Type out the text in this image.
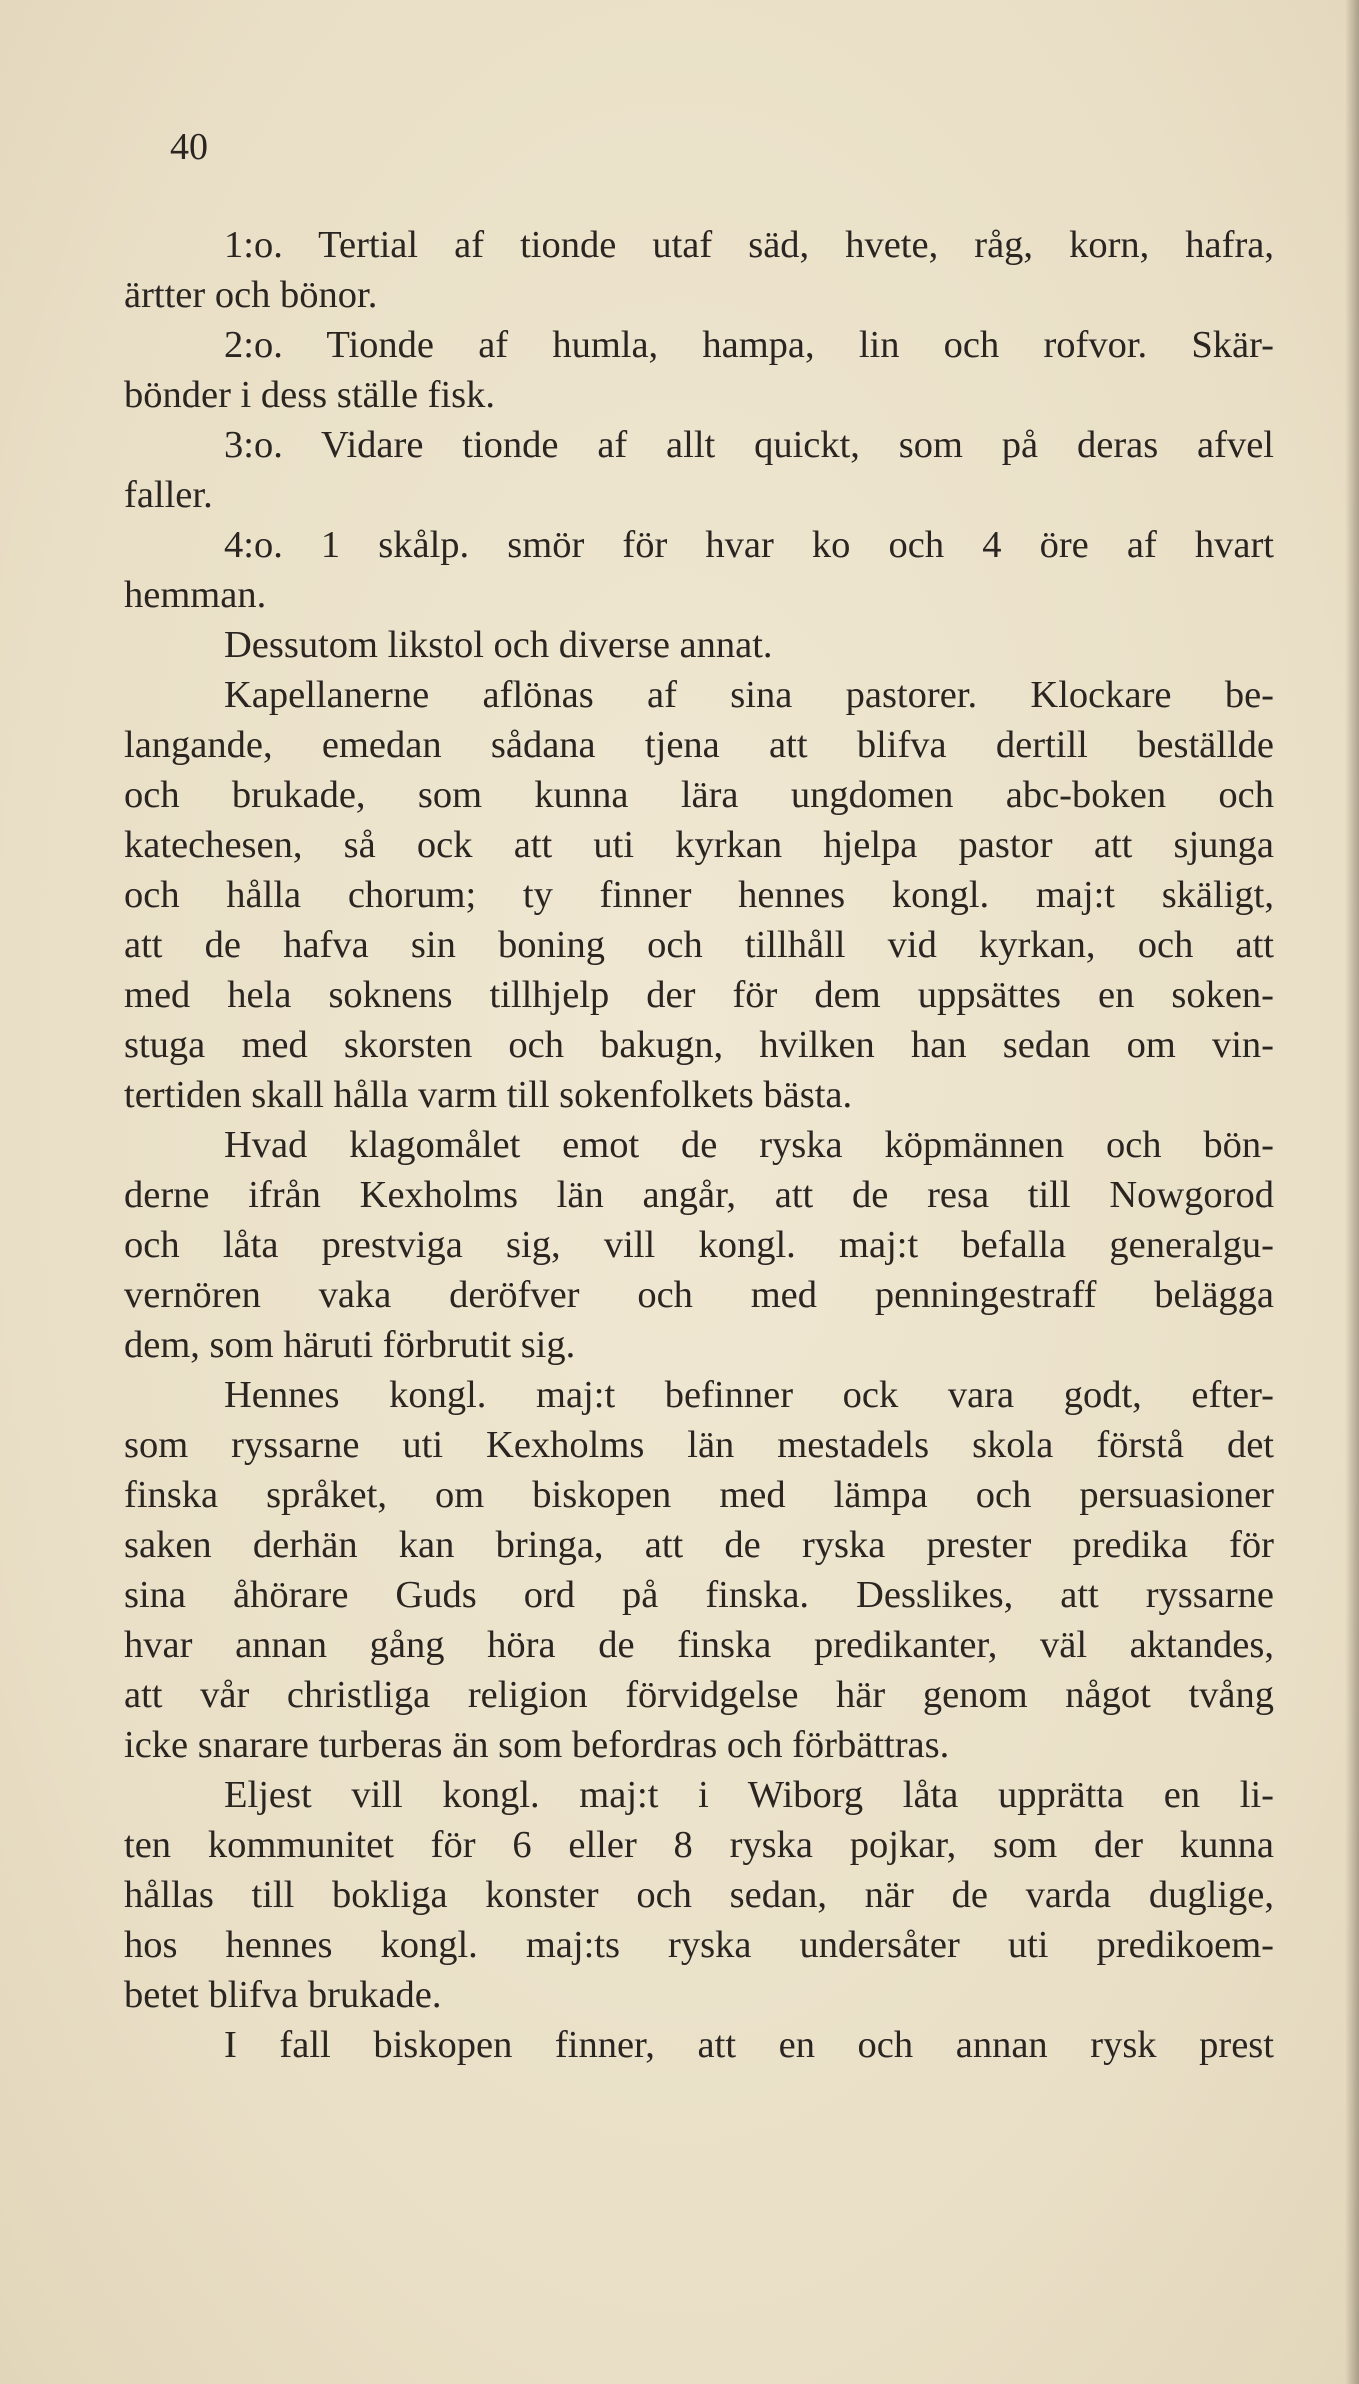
40
1:o. Tertial af tionde utaf säd, hvete, råg, korn, hafra,
ärtter och bönor.
2:o. Tionde af humla, hampa, lin och rofvor. Skär-
bönder i dess ställe fisk.
3:o. Vidare tionde af allt quickt, som på deras afvel
faller.
4:o. 1 skålp. smör för hvar ko och 4 öre af hvart
hemman.
Dessutom likstol och diverse annat.
Kapellanerne aflönas af sina pastorer. Klockare be-
langande, emedan sådana tjena att blifva dertill beställde
och brukade, som kunna lära ungdomen abc-boken och
katechesen, så ock att uti kyrkan hjelpa pastor att sjunga
och hålla chorum; ty finner hennes kongl. maj:t skäligt,
att de hafva sin boning och tillhåll vid kyrkan, och att
med hela soknens tillhjelp der för dem uppsättes en soken-
stuga med skorsten och bakugn, hvilken han sedan om vin-
tertiden skall hålla varm till sokenfolkets bästa.
Hvad klagomålet emot de ryska köpmännen och bön-
derne ifrån Kexholms län angår, att de resa till Nowgorod
och låta prestviga sig, vill kongl. maj:t befalla generalgu-
vernören vaka deröfver och med penningestraff belägga
dem, som häruti förbrutit sig.
Hennes kongl. maj:t befinner ock vara godt, efter-
som ryssarne uti Kexholms län mestadels skola förstå det
finska språket, om biskopen med lämpa och persuasioner
saken derhän kan bringa, att de ryska prester predika för
sina åhörare Guds ord på finska. Desslikes, att ryssarne
hvar annan gång höra de finska predikanter, väl aktandes,
att vår christliga religion förvidgelse här genom något tvång
icke snarare turberas än som befordras och förbättras.
Eljest vill kongl. maj:t i Wiborg låta upprätta en li-
ten kommunitet för 6 eller 8 ryska pojkar, som der kunna
hållas till bokliga konster och sedan, när de varda duglige,
hos hennes kongl. maj:ts ryska undersåter uti predikoem-
betet blifva brukade.
I fall biskopen finner, att en och annan rysk prest
